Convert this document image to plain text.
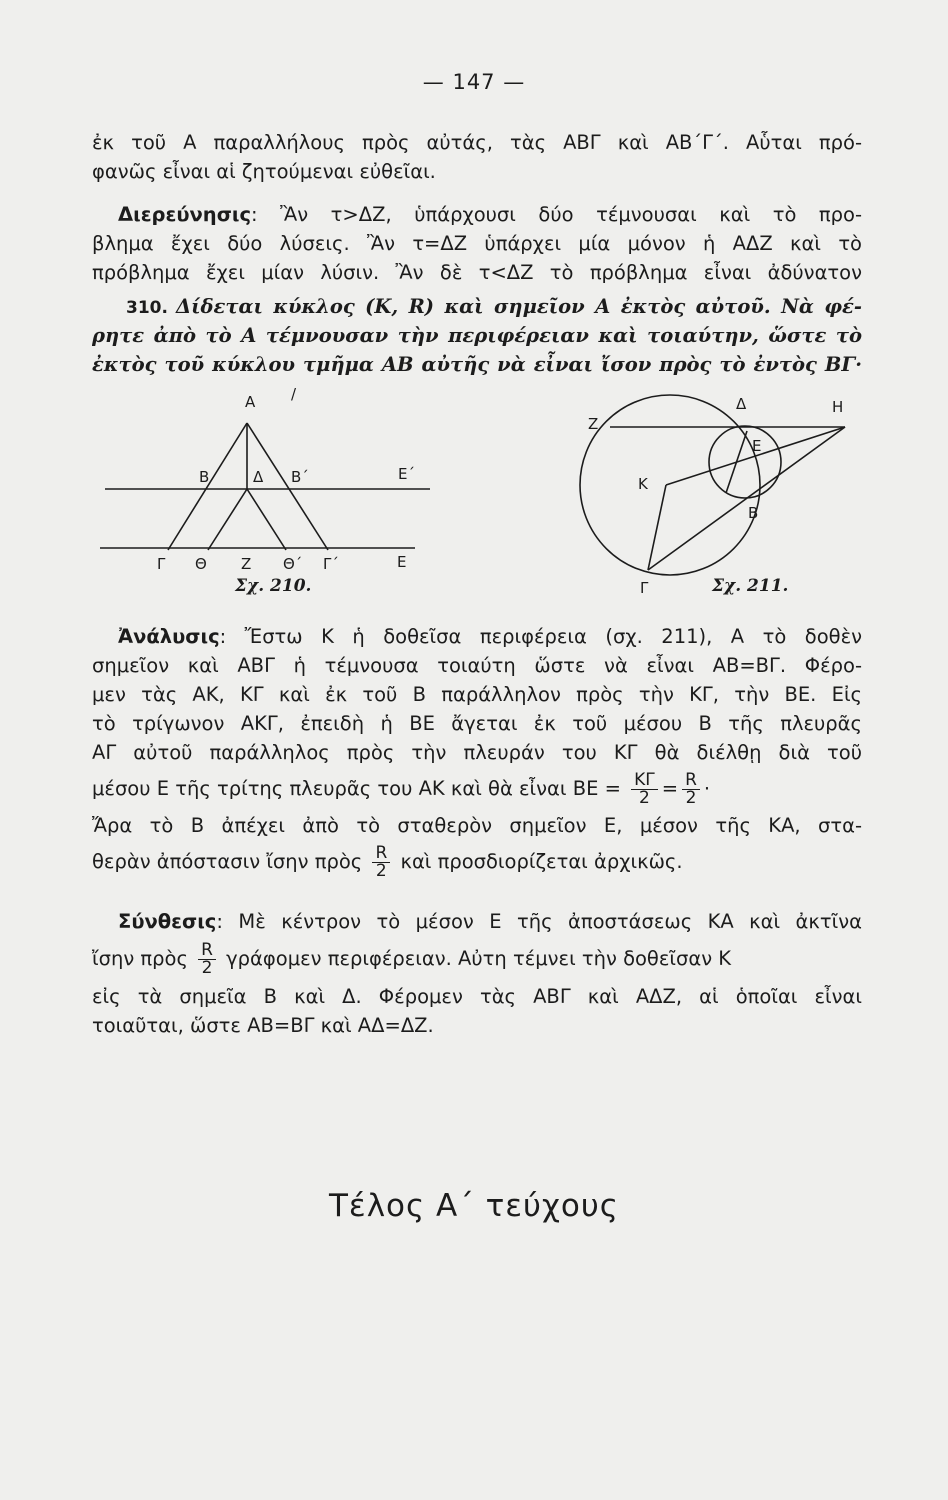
— 147 —
ἐκ τοῦ Α παραλλήλους πρὸς αὐτάς, τὰς ΑΒΓ καὶ ΑΒ΄Γ΄. Αὗται πρό-
φανῶς εἶναι αἱ ζητούμεναι εὐθεῖαι.
Διερεύνησις: Ἂν τ>ΔΖ, ὑπάρχουσι δύο τέμνουσαι καὶ τὸ προ-
βλημα ἔχει δύο λύσεις. Ἂν τ=ΔΖ ὑπάρχει μία μόνον ἡ ΑΔΖ καὶ τὸ
πρόβλημα ἔχει μίαν λύσιν. Ἂν δὲ τ<ΔΖ τὸ πρόβλημα εἶναι ἀδύνατον
310. Δίδεται κύκλος (Κ, R) καὶ σημεῖον Α ἐκτὸς αὐτοῦ. Νὰ φέ-
ρητε ἀπὸ τὸ Α τέμνουσαν τὴν περιφέρειαν καὶ τοιαύτην, ὥστε τὸ
ἐκτὸς τοῦ κύκλου τμῆμα ΑΒ αὐτῆς νὰ εἶναι ἴσον πρὸς τὸ ἐντὸς ΒΓ·
Α /
Β	Δ Β΄	Ε΄
Γ Θ Ζ Θ΄ Γ΄	Ε
Σχ. 210.
Ζ
Δ	Η
Ε
Κ
Β
Γ	Σχ. 211.
Ἀνάλυσις: Ἔστω Κ ἡ δοθεῖσα περιφέρεια (σχ. 211), Α τὸ δοθὲν
σημεῖον καὶ ΑΒΓ ἡ τέμνουσα τοιαύτη ὥστε νὰ εἶναι ΑΒ=ΒΓ. Φέρο-
μεν τὰς ΑΚ, ΚΓ καὶ ἐκ τοῦ Β παράλληλον πρὸς τὴν ΚΓ, τὴν ΒΕ. Εἰς
τὸ τρίγωνον ΑΚΓ, ἐπειδὴ ἡ ΒΕ ἄγεται ἐκ τοῦ μέσου Β τῆς πλευρᾶς
ΑΓ αὐτοῦ παράλληλος πρὸς τὴν πλευράν του ΚΓ θὰ διέλθῃ διὰ τοῦ
μέσου Ε τῆς τρίτης πλευρᾶς του ΑΚ καὶ θὰ εἶναι $BE = \frac{K\Gamma}{2} = \frac{R}{2}$ ·
Ἄρα τὸ Β ἀπέχει ἀπὸ τὸ σταθερὸν σημεῖον Ε, μέσον τῆς ΚΑ, στα-
θερὰν ἀπόστασιν ἴσην πρὸς $\frac{R}{2}$ καὶ προσδιορίζεται ἀρχικῶς.
Σύνθεσις: Μὲ κέντρον τὸ μέσον Ε τῆς ἀποστάσεως ΚΑ καὶ ἀκτῖνα
ἴσην πρὸς $\frac{R}{2}$ γράφομεν περιφέρειαν. Αὐτη τέμνει τὴν δοθεῖσαν Κ
εἰς τὰ σημεῖα Β καὶ Δ. Φέρομεν τὰς ΑΒΓ καὶ ΑΔΖ, αἱ ὁποῖαι εἶναι
τοιαῦται, ὥστε ΑΒ=ΒΓ καὶ ΑΔ=ΔΖ.
Τέλος Α΄ τεύχους
